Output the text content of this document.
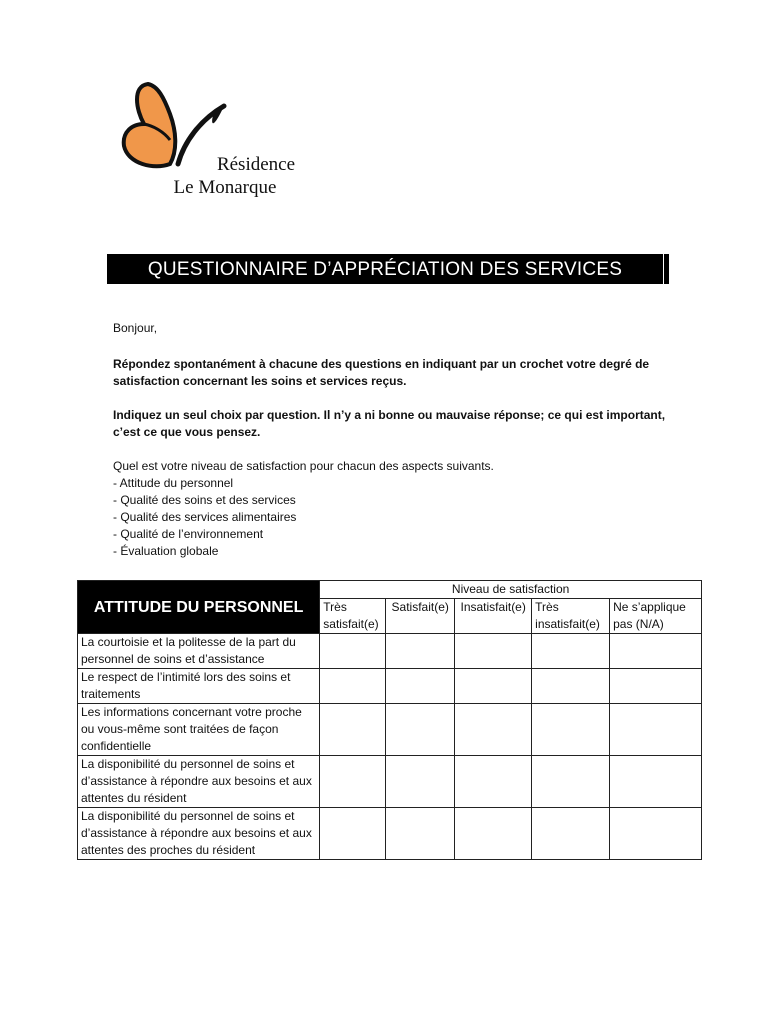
Résidence
Le Monarque
QUESTIONNAIRE D’APPRÉCIATION DES SERVICES

Bonjour,

Répondez spontanément à chacune des questions en indiquant par un crochet votre degré de satisfaction concernant les soins et services reçus.

Indiquez un seul choix par question. Il n’y a ni bonne ou mauvaise réponse; ce qui est important, c’est ce que vous pensez.

Quel est votre niveau de satisfaction pour chacun des aspects suivants.

- Attitude du personnel
- Qualité des soins et des services
- Qualité des services alimentaires
- Qualité de l’environnement
- Évaluation globale
ATTITUDE DU PERSONNEL	Niveau de satisfaction				
	Très satisfait(e)	Satisfait(e)	Insatisfait(e)	Très insatisfait(e)	Ne s’applique pas (N/A)
La courtoisie et la politesse de la part du personnel de soins et d’assistance					
Le respect de l’intimité lors des soins et traitements					
Les informations concernant votre proche ou vous-même sont traitées de façon confidentielle					
La disponibilité du personnel de soins et d’assistance à répondre aux besoins et aux attentes du résident					
La disponibilité du personnel de soins et d’assistance à répondre aux besoins et aux attentes des proches du résident					
